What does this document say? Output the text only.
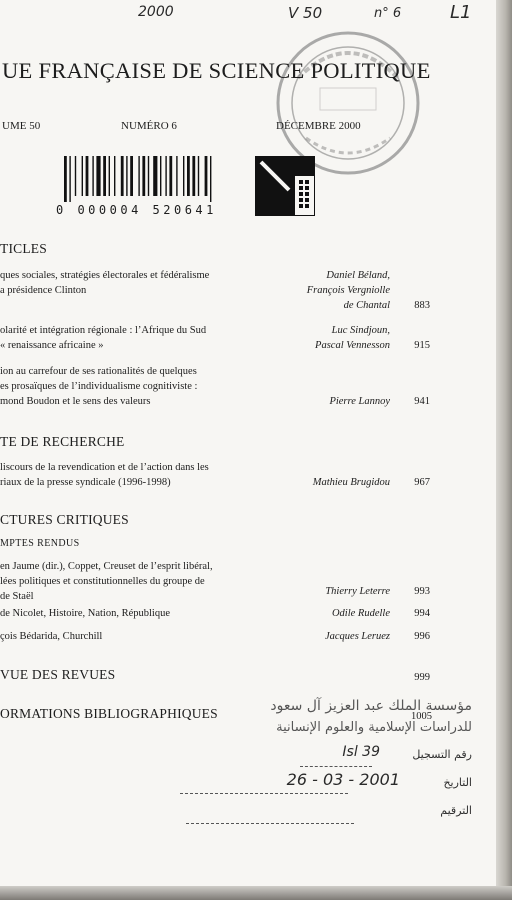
2000	V 50	n° 6	L1
UE FRANÇAISE DE SCIENCE POLITIQUE
UME 50	NUMÉRO 6	DÉCEMBRE 2000
0 000004 520641
TICLES
ques sociales, stratégies électorales et fédéralisme
a présidence Clinton
Daniel Béland,
François Vergniolle
de Chantal	883
olarité et intégration régionale : l’Afrique du Sud
« renaissance africaine »
Luc Sindjoun,
Pascal Vennesson	915
ion au carrefour de ses rationalités de quelques
es prosaïques de l’individualisme cognitiviste :
mond Boudon et le sens des valeurs	Pierre Lannoy	941
TE DE RECHERCHE
liscours de la revendication et de l’action dans les
riaux de la presse syndicale (1996-1998)	Mathieu Brugidou	967
CTURES CRITIQUES
MPTES RENDUS
en Jaume (dir.), Coppet, Creuset de l’esprit libéral,
lées politiques et constitutionnelles du groupe de
de Staël	Thierry Leterre	993
de Nicolet, Histoire, Nation, République	Odile Rudelle	994
çois Bédarida, Churchill	Jacques Leruez	996
VUE DES REVUES	999
ORMATIONS BIBLIOGRAPHIQUES	1005
مؤسسة الملك عبد العزيز آل سعود
للدراسات الإسلامية والعلوم الإنسانية
رقم التسجيل
Isl 39
التاريخ
26 - 03 - 2001
الترقيم
